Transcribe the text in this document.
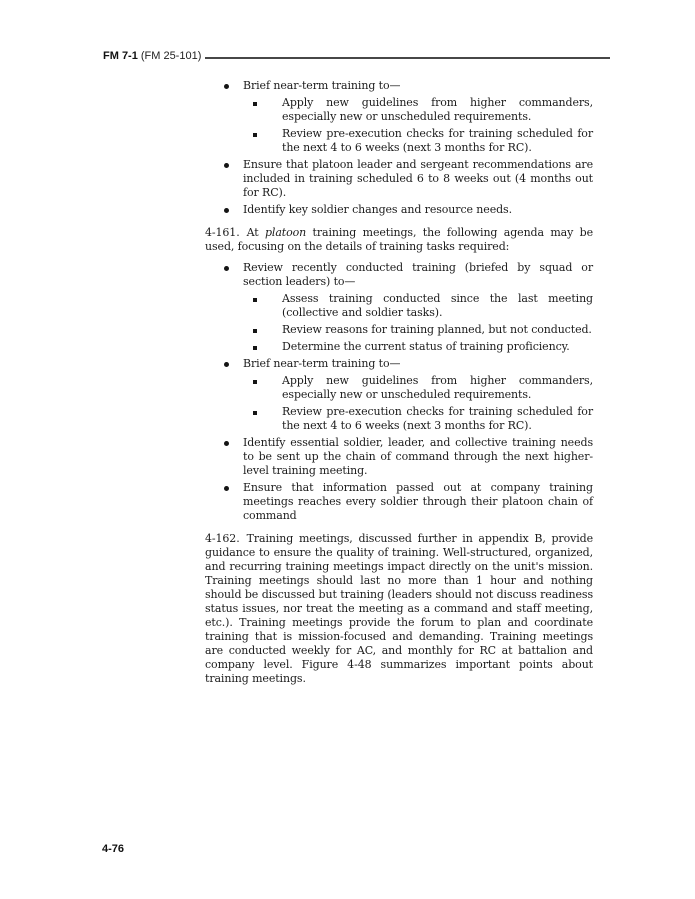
FM 7-1 (FM 25-101)
Brief near-term training to—
Apply new guidelines from higher commanders, especially new or unscheduled requirements.
Review pre-execution checks for training scheduled for the next 4 to 6 weeks (next 3 months for RC).
Ensure that platoon leader and sergeant recommendations are included in training scheduled 6 to 8 weeks out (4 months out for RC).
Identify key soldier changes and resource needs.

4-161. At platoon training meetings, the following agenda may be used, focusing on the details of training tasks required:

Review recently conducted training (briefed by squad or section leaders) to—
Assess training conducted since the last meeting (collective and soldier tasks).
Review reasons for training planned, but not conducted.
Determine the current status of training proficiency.
Brief near-term training to—
Apply new guidelines from higher commanders, especially new or unscheduled requirements.
Review pre-execution checks for training scheduled for the next 4 to 6 weeks (next 3 months for RC).
Identify essential soldier, leader, and collective training needs to be sent up the chain of command through the next higher-level training meeting.
Ensure that information passed out at company training meetings reaches every soldier through their platoon chain of command

4-162. Training meetings, discussed further in appendix B, provide guidance to ensure the quality of training. Well-structured, organized, and recurring training meetings impact directly on the unit's mission. Training meetings should last no more than 1 hour and nothing should be discussed but training (leaders should not discuss readiness status issues, nor treat the meeting as a command and staff meeting, etc.). Training meetings provide the forum to plan and coordinate training that is mission-focused and demanding. Training meetings are conducted weekly for AC, and monthly for RC at battalion and company level. Figure 4-48 summarizes important points about training meetings.

4-76
